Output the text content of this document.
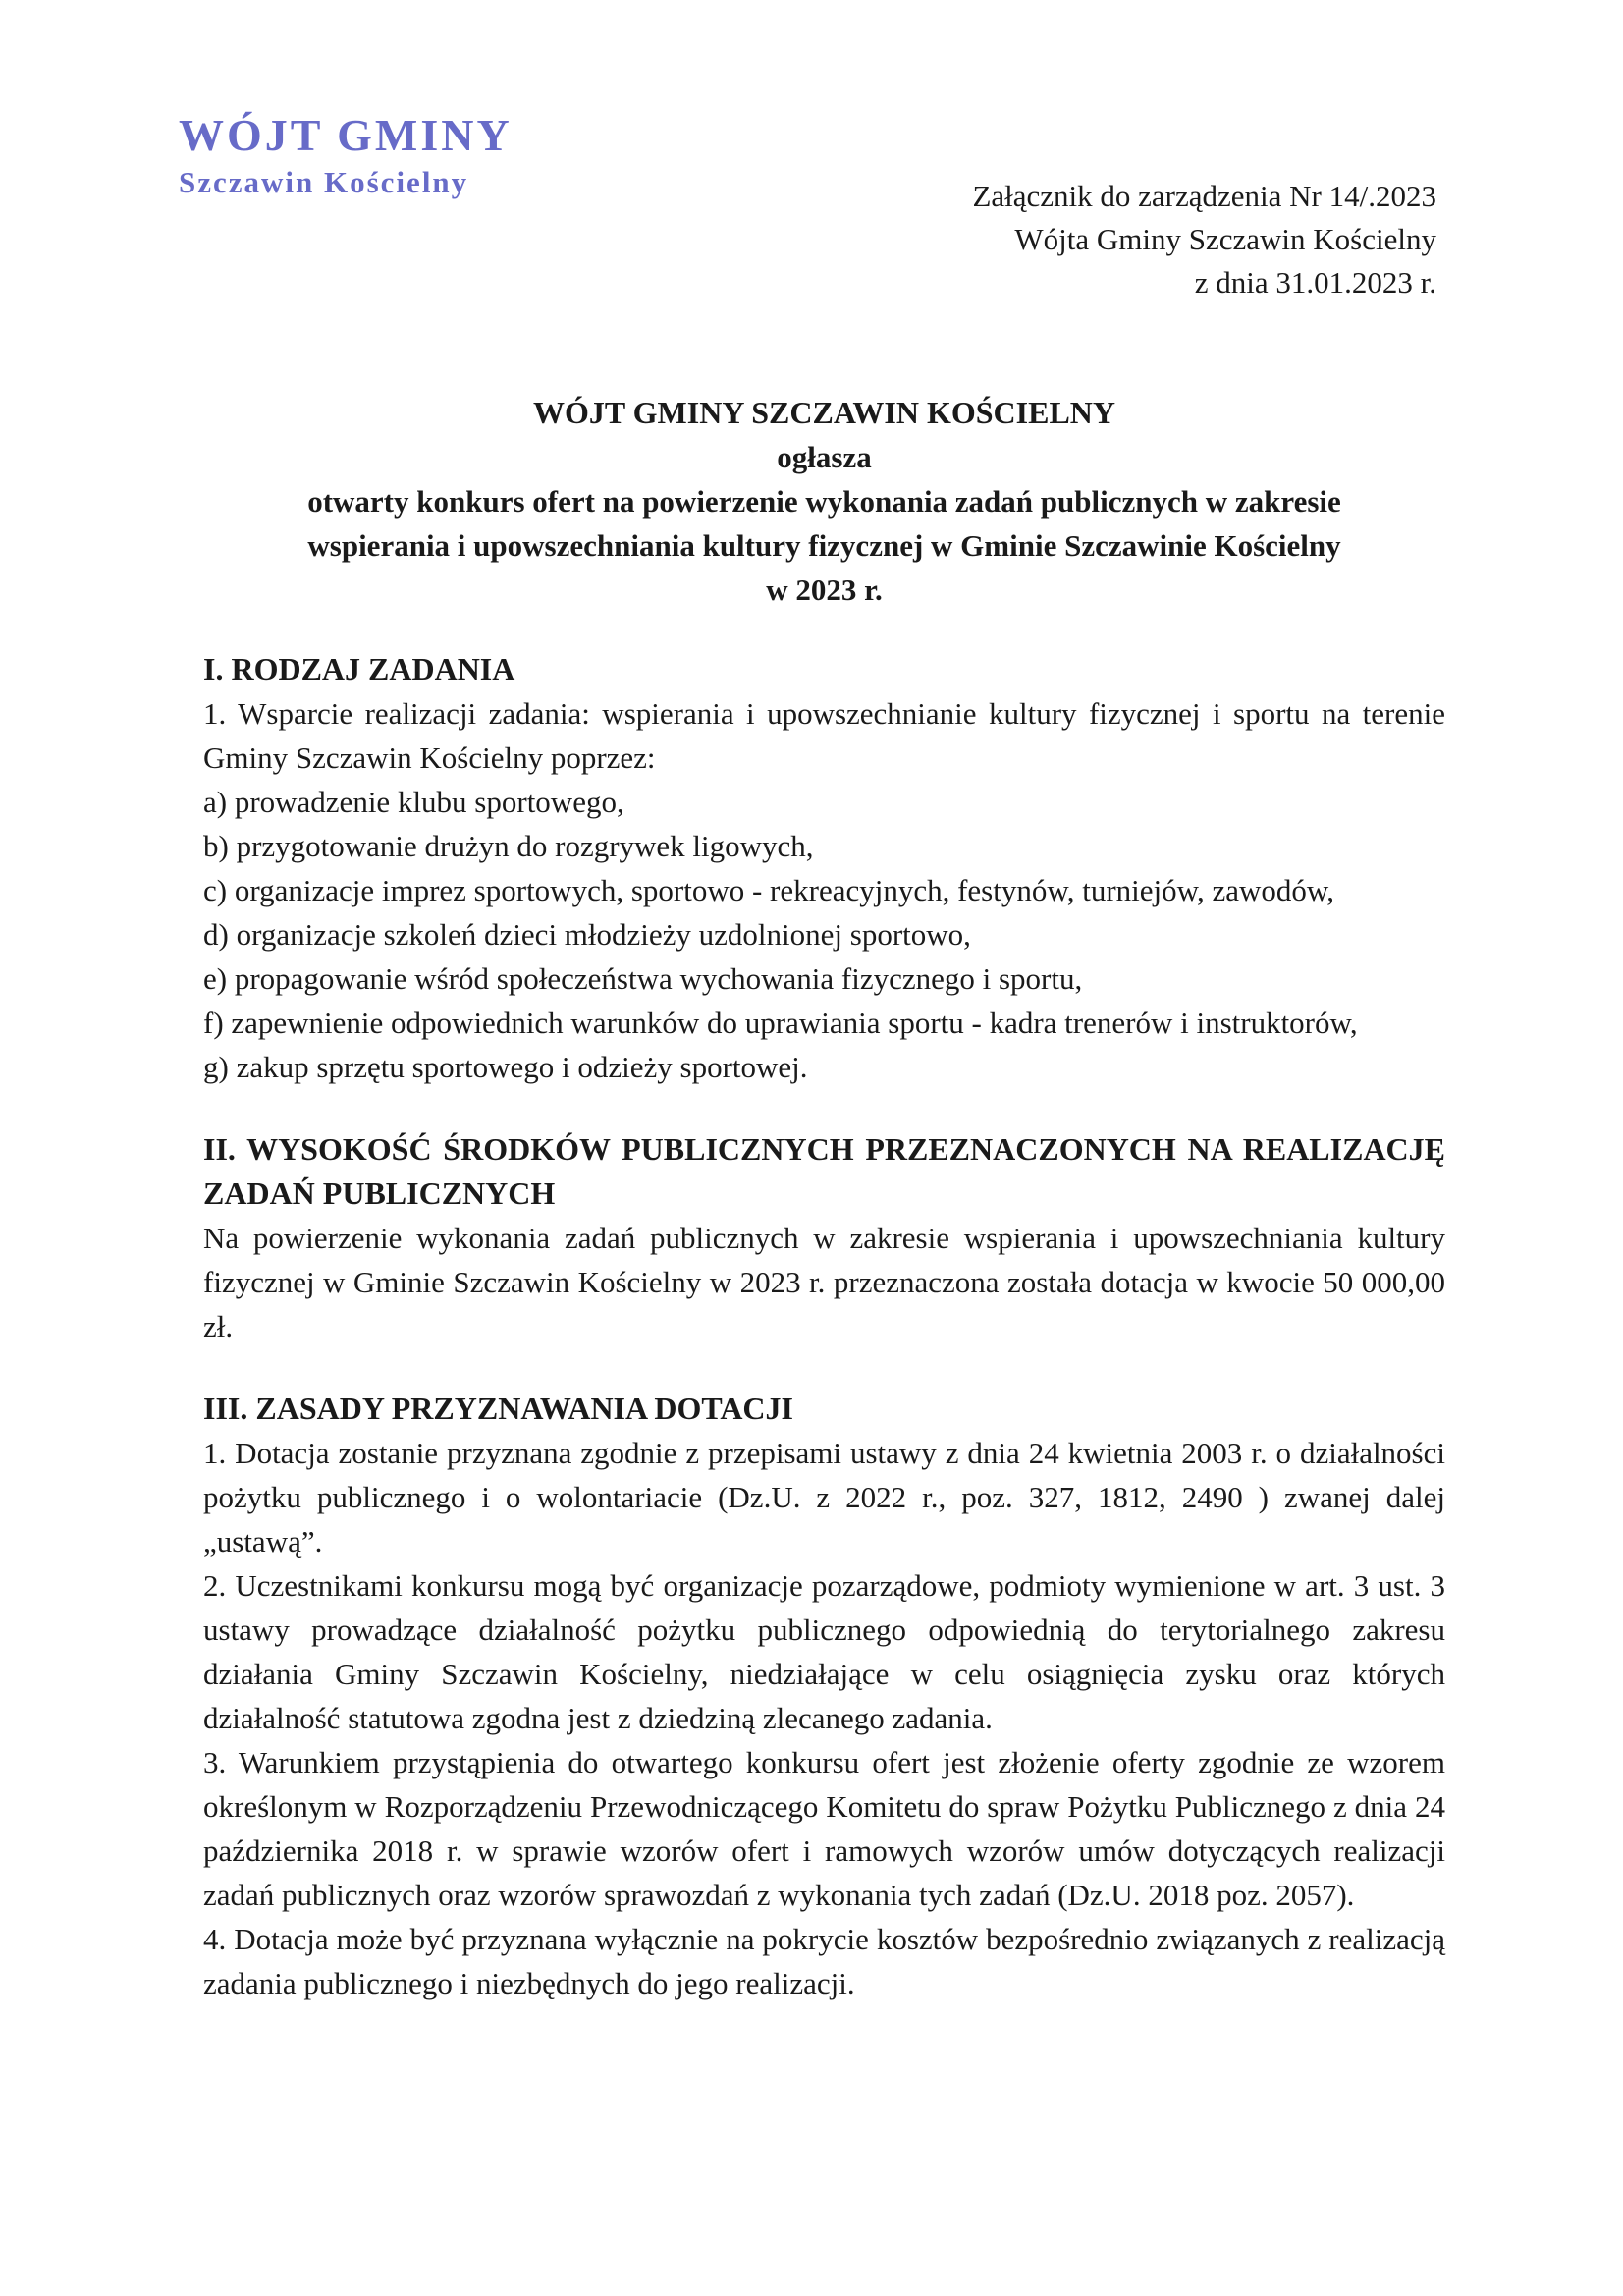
WÓJT GMINY
Szczawin Kościelny	Załącznik do zarządzenia Nr 14/.2023
Wójta Gminy Szczawin Kościelny
z dnia 31.01.2023 r.
WÓJT GMINY SZCZAWIN KOŚCIELNY
ogłasza
otwarty konkurs ofert na powierzenie wykonania zadań publicznych w zakresie
wspierania i upowszechniania kultury fizycznej w Gminie Szczawinie Kościelny
w 2023 r.
I. RODZAJ ZADANIA

1. Wsparcie realizacji zadania: wspierania i upowszechnianie kultury fizycznej i sportu na terenie Gminy Szczawin Kościelny poprzez:

a) prowadzenie klubu sportowego,

b) przygotowanie drużyn do rozgrywek ligowych,

c) organizacje imprez sportowych, sportowo - rekreacyjnych, festynów, turniejów, zawodów,

d) organizacje szkoleń dzieci młodzieży uzdolnionej sportowo,

e) propagowanie wśród społeczeństwa wychowania fizycznego i sportu,

f) zapewnienie odpowiednich warunków do uprawiania sportu - kadra trenerów i instruktorów,

g) zakup sprzętu sportowego i odzieży sportowej.

II. WYSOKOŚĆ ŚRODKÓW PUBLICZNYCH PRZEZNACZONYCH NA REALIZACJĘ ZADAŃ PUBLICZNYCH

Na powierzenie wykonania zadań publicznych w zakresie wspierania i upowszechniania kultury fizycznej w Gminie Szczawin Kościelny w 2023 r. przeznaczona została dotacja w kwocie 50 000,00 zł.

III. ZASADY PRZYZNAWANIA DOTACJI

1. Dotacja zostanie przyznana zgodnie z przepisami ustawy z dnia 24 kwietnia 2003 r. o działalności pożytku publicznego i o wolontariacie (Dz.U. z 2022 r., poz. 327, 1812, 2490 ) zwanej dalej „ustawą”.

2. Uczestnikami konkursu mogą być organizacje pozarządowe, podmioty wymienione w art. 3 ust. 3 ustawy prowadzące działalność pożytku publicznego odpowiednią do terytorialnego zakresu działania Gminy Szczawin Kościelny, niedziałające w celu osiągnięcia zysku oraz których działalność statutowa zgodna jest z dziedziną zlecanego zadania.

3. Warunkiem przystąpienia do otwartego konkursu ofert jest złożenie oferty zgodnie ze wzorem określonym w Rozporządzeniu Przewodniczącego Komitetu do spraw Pożytku Publicznego z dnia 24 października 2018 r. w sprawie wzorów ofert i ramowych wzorów umów dotyczących realizacji zadań publicznych oraz wzorów sprawozdań z wykonania tych zadań (Dz.U. 2018 poz. 2057).

4. Dotacja może być przyznana wyłącznie na pokrycie kosztów bezpośrednio związanych z realizacją zadania publicznego i niezbędnych do jego realizacji.
